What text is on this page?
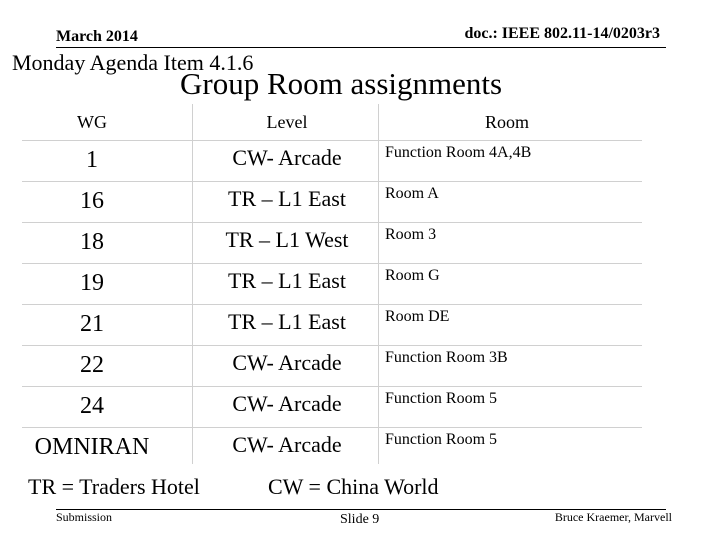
March 2014	doc.: IEEE 802.11-14/0203r3
Monday Agenda Item 4.1.6
Group Room assignments
WG	Level	Room
1	CW- Arcade	Function Room 4A,4B
16	TR – L1 East	Room A
18	TR – L1 West	Room 3
19	TR – L1 East	Room G
21	TR – L1 East	Room DE
22	CW- Arcade	Function Room 3B
24	CW- Arcade	Function Room 5
OMNIRAN	CW- Arcade	Function Room 5
TR = Traders Hotel	CW = China World
Submission	Slide 9	Bruce Kraemer, Marvell
